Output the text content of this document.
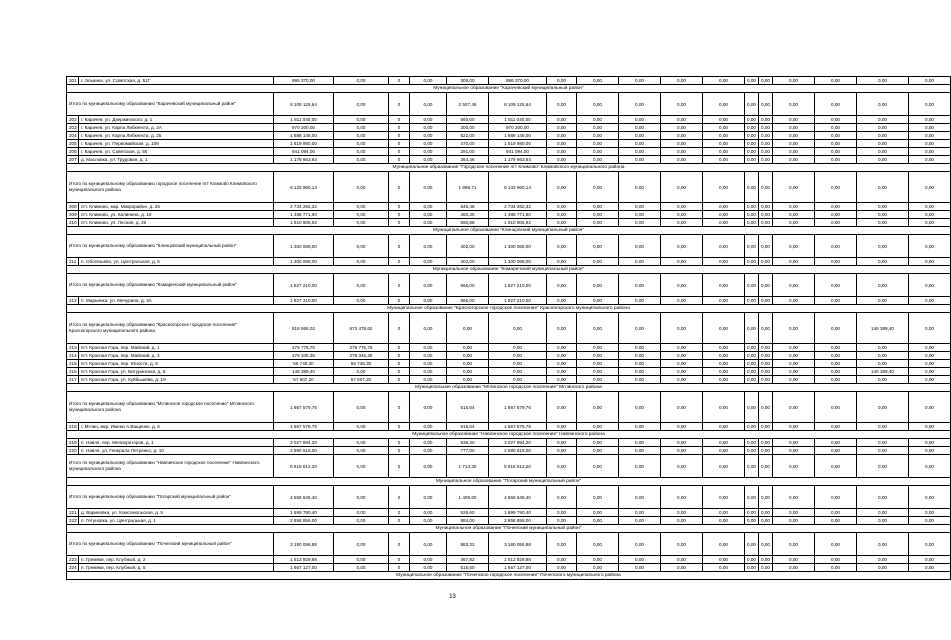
201	г. Эльинка, ул. Советская, д. 51Г	986 370,00	0,00	0	0,00	305,00	986 370,00	0,00	0,00	0,00	0,00	0,00	0,00	0,00	0,00	0,00	0,00	0,00
Муниципальное образование "Карачевский муниципальный район"																		
Итого по муниципальному образованию "Карачевский муниципальный район"		8 109 125,64	0,00	0	0,00	2 507,46	8 109 125,64	0,00	0,00	0,00	0,00	0,00	0,00	0,00	0,00	0,00	0,00	0,00
202	г. Карачев, ул. Дзержинского, д. 1	1 811 040,00	0,00	0	0,00	560,00	1 811 040,00	0,00	0,00	0,00	0,00	0,00	0,00	0,00	0,00	0,00	0,00	0,00
203	г. Карачев, ул. Карла Либкнехта, д. 2А	970 200,00	0,00	0	0,00	300,00	970 200,00	0,00	0,00	0,00	0,00	0,00	0,00	0,00	0,00	0,00	0,00	0,00
204	г. Карачев, ул. Карла Либкнехта, д. 25	1 688 148,00	0,00	0	0,00	522,00	1 688 148,00	0,00	0,00	0,00	0,00	0,00	0,00	0,00	0,00	0,00	0,00	0,00
205	г. Карачев, ул. Первомайская, д. 109	1 519 980,00	0,00	0	0,00	470,00	1 519 980,00	0,00	0,00	0,00	0,00	0,00	0,00	0,00	0,00	0,00	0,00	0,00
206	г. Карачев, ул. Советская, д. 55	941 094,00	0,00	0	0,00	291,00	941 094,00	0,00	0,00	0,00	0,00	0,00	0,00	0,00	0,00	0,00	0,00	0,00
207	д. Масловка, ул. Трудовая, д. 1	1 178 663,64	0,00	0	0,00	364,46	1 178 663,64	0,00	0,00	0,00	0,00	0,00	0,00	0,00	0,00	0,00	0,00	0,00
Муниципальное образование "Городское поселение пгт Климово" Климовского муниципального района																		
Итого по муниципальному образованию городское поселение пгт Климово Климовского муниципального района		6 133 960,14	0,00	0	0,00	1 898,71	6 133 960,14	0,00	0,00	0,00	0,00	0,00	0,00	0,00	0,00	0,00	0,00	0,00
208	пгт. Климово, мкр. Микрорайон, д. 25	2 734 282,32	0,00	0	0,00	845,48	2 734 282,32	0,00	0,00	0,00	0,00	0,00	0,00	0,00	0,00	0,00	0,00	0,00
209	пгт. Климово, ул. Калинина, д. 10	1 488 771,90	0,00	0	0,00	460,35	1 488 771,90	0,00	0,00	0,00	0,00	0,00	0,00	0,00	0,00	0,00	0,00	0,00
210	пгт. Климово, ул. Лесная, д. 26	1 910 905,92	0,00	0	0,00	590,88	1 910 905,92	0,00	0,00	0,00	0,00	0,00	0,00	0,00	0,00	0,00	0,00	0,00
Муниципальное образование "Клинцовский муниципальный район"																		
Итого по муниципальному образованию "Клинцовский муниципальный район"		1 300 068,00	0,00	0	0,00	402,00	1 300 068,00	0,00	0,00	0,00	0,00	0,00	0,00	0,00	0,00	0,00	0,00	0,00
211	п. Оболешево, ул. Центральная, д. 5	1 300 068,00	0,00	0	0,00	402,00	1 300 068,00	0,00	0,00	0,00	0,00	0,00	0,00	0,00	0,00	0,00	0,00	0,00
Муниципальное образование "Комаричский муниципальный район"																		
Итого по муниципальному образованию "Комаричский муниципальный район"		1 827 210,00	0,00	0	0,00	565,00	1 827 210,00	0,00	0,00	0,00	0,00	0,00	0,00	0,00	0,00	0,00	0,00	0,00
212	п. Марьинка, ул. Мичурина, д. 3А	1 827 210,00	0,00	0	0,00	565,00	1 827 210,00	0,00	0,00	0,00	0,00	0,00	0,00	0,00	0,00	0,00	0,00	0,00
Муниципальное образование "Красногорское городское поселение" Красногорского муниципального района																		
Итого по муниципальному образованию "Красногорское городское поселение" Красногорского муниципального района		818 868,02	672 478,62	0	0,00	0,00	0,00	0,00	0,00	0,00	0,00	0,00	0,00	0,00	0,00	0,00	146 389,40	0,00
213	пгт. Красная Гора, пер. Майский, д. 1	279 775,76	279 775,76	0	0,00	0,00	0,00	0,00	0,00	0,00	0,00	0,00	0,00	0,00	0,00	0,00	0,00	0,00
214	пгт. Красная Гора, пер. Майский, д. 3	278 345,36	278 345,36	0	0,00	0,00	0,00	0,00	0,00	0,00	0,00	0,00	0,00	0,00	0,00	0,00	0,00	0,00
215	пгт. Красная Гора, пер. Юности, д. 6	56 748,30	56 748,30	0	0,00	0,00	0,00	0,00	0,00	0,00	0,00	0,00	0,00	0,00	0,00	0,00	0,00	0,00
216	пгт. Красная Гора, ул. Батуринская, д. 6	146 389,40	0,00	0	0,00	0,00	0,00	0,00	0,00	0,00	0,00	0,00	0,00	0,00	0,00	0,00	146 389,40	0,00
217	пгт. Красная Гора, ул. Куйбышева, д. 19	57 607,20	57 607,20	0	0,00	0,00	0,00	0,00	0,00	0,00	0,00	0,00	0,00	0,00	0,00	0,00	0,00	0,00
Муниципальное образование "Мглинское городское поселение" Мглинского района																		
Итого по муниципальному образованию "Мглинское городское поселение" Мглинского муниципального района		1 667 579,76	0,00	0	0,00	515,64	1 667 579,76	0,00	0,00	0,00	0,00	0,00	0,00	0,00	0,00	0,00	0,00	0,00
218	г. Мглин, мкр. Имени А.Ващенко, д. 6	1 667 579,76	0,00	0	0,00	515,64	1 667 579,76	0,00	0,00	0,00	0,00	0,00	0,00	0,00	0,00	0,00	0,00	0,00
Муниципальное образование "Навлинское городское поселение" Навлинского района																		
219	п. Навля, пер. Мелиораторов, д. 1	3 027 994,20	0,00	0	0,00	936,30	3 027 994,20	0,00	0,00	0,00	0,00	0,00	0,00	0,00	0,00	0,00	0,00	0,00
220	п. Навля, ул. Генерала Петренко, д. 10	2 590 518,00	0,00	0	0,00	777,00	2 590 518,00	0,00	0,00	0,00	0,00	0,00	0,00	0,00	0,00	0,00	0,00	0,00
Итого по муниципальному образованию "Навлинское городское поселение" Навлинского муниципального района		5 618 512,20	0,00	0	0,00	1 713,30	5 618 512,20	0,00	0,00	0,00	0,00	0,00	0,00	0,00	0,00	0,00	0,00	0,00
Муниципальное образование "Погарский муниципальный район"																		
Итого по муниципальному образованию "Погарский муниципальный район"		4 558 646,40	0,00	0	0,00	1 409,60	4 558 646,40	0,00	0,00	0,00	0,00	0,00	0,00	0,00	0,00	0,00	0,00	0,00
221	д. Вариновка, ул. Комсомольская, д. 5	1 699 790,40	0,00	0	0,00	525,60	1 699 790,40	0,00	0,00	0,00	0,00	0,00	0,00	0,00	0,00	0,00	0,00	0,00
222	п. Гетуновка, ул. Центральная, д. 1	2 858 856,00	0,00	0	0,00	884,00	2 858 856,00	0,00	0,00	0,00	0,00	0,00	0,00	0,00	0,00	0,00	0,00	0,00
Муниципальное образование "Почепский муниципальный район"																		
Итого по муниципальному образованию "Почепский муниципальный район"		3 180 056,88	0,00	0	0,00	983,32	3 180 056,88	0,00	0,00	0,00	0,00	0,00	0,00	0,00	0,00	0,00	0,00	0,00
223	п. Гремяки, пер. Клубный, д. 2	1 512 929,88	0,00	0	0,00	467,82	1 512 929,88	0,00	0,00	0,00	0,00	0,00	0,00	0,00	0,00	0,00	0,00	0,00
224	п. Гремяки, пер. Клубный, д. 5	1 667 127,00	0,00	0	0,00	515,50	1 667 127,00	0,00	0,00	0,00	0,00	0,00	0,00	0,00	0,00	0,00	0,00	0,00
Муниципальное образование "Почепское городское поселение" Почепского муниципального района																		
13
